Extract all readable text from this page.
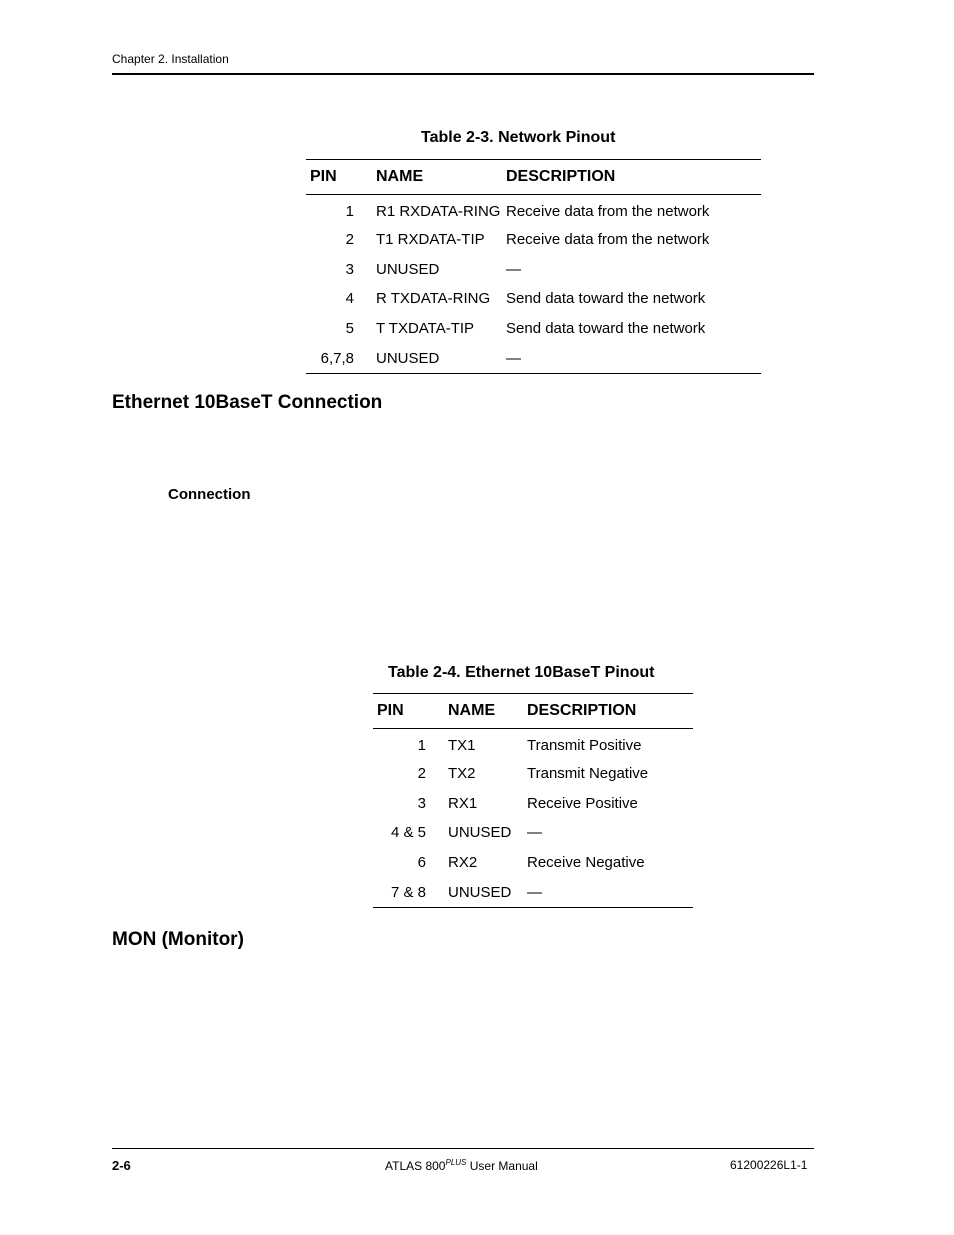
Chapter 2. Installation
Table 2-3. Network Pinout
PIN	NAME	DESCRIPTION
1	R1 RXDATA-RING	Receive data from the network
2	T1 RXDATA-TIP	Receive data from the network
3	UNUSED	—
4	R TXDATA-RING	Send data toward the network
5	T TXDATA-TIP	Send data toward the network
6,7,8	UNUSED	—
Ethernet 10BaseT Connection
Connection
Table 2-4. Ethernet 10BaseT Pinout
PIN	NAME	DESCRIPTION
1	TX1	Transmit Positive
2	TX2	Transmit Negative
3	RX1	Receive Positive
4 & 5	UNUSED	—
6	RX2	Receive Negative
7 & 8	UNUSED	—
MON (Monitor)
2-6	ATLAS $800^{PLUS}$ User Manual	61200226L1-1
